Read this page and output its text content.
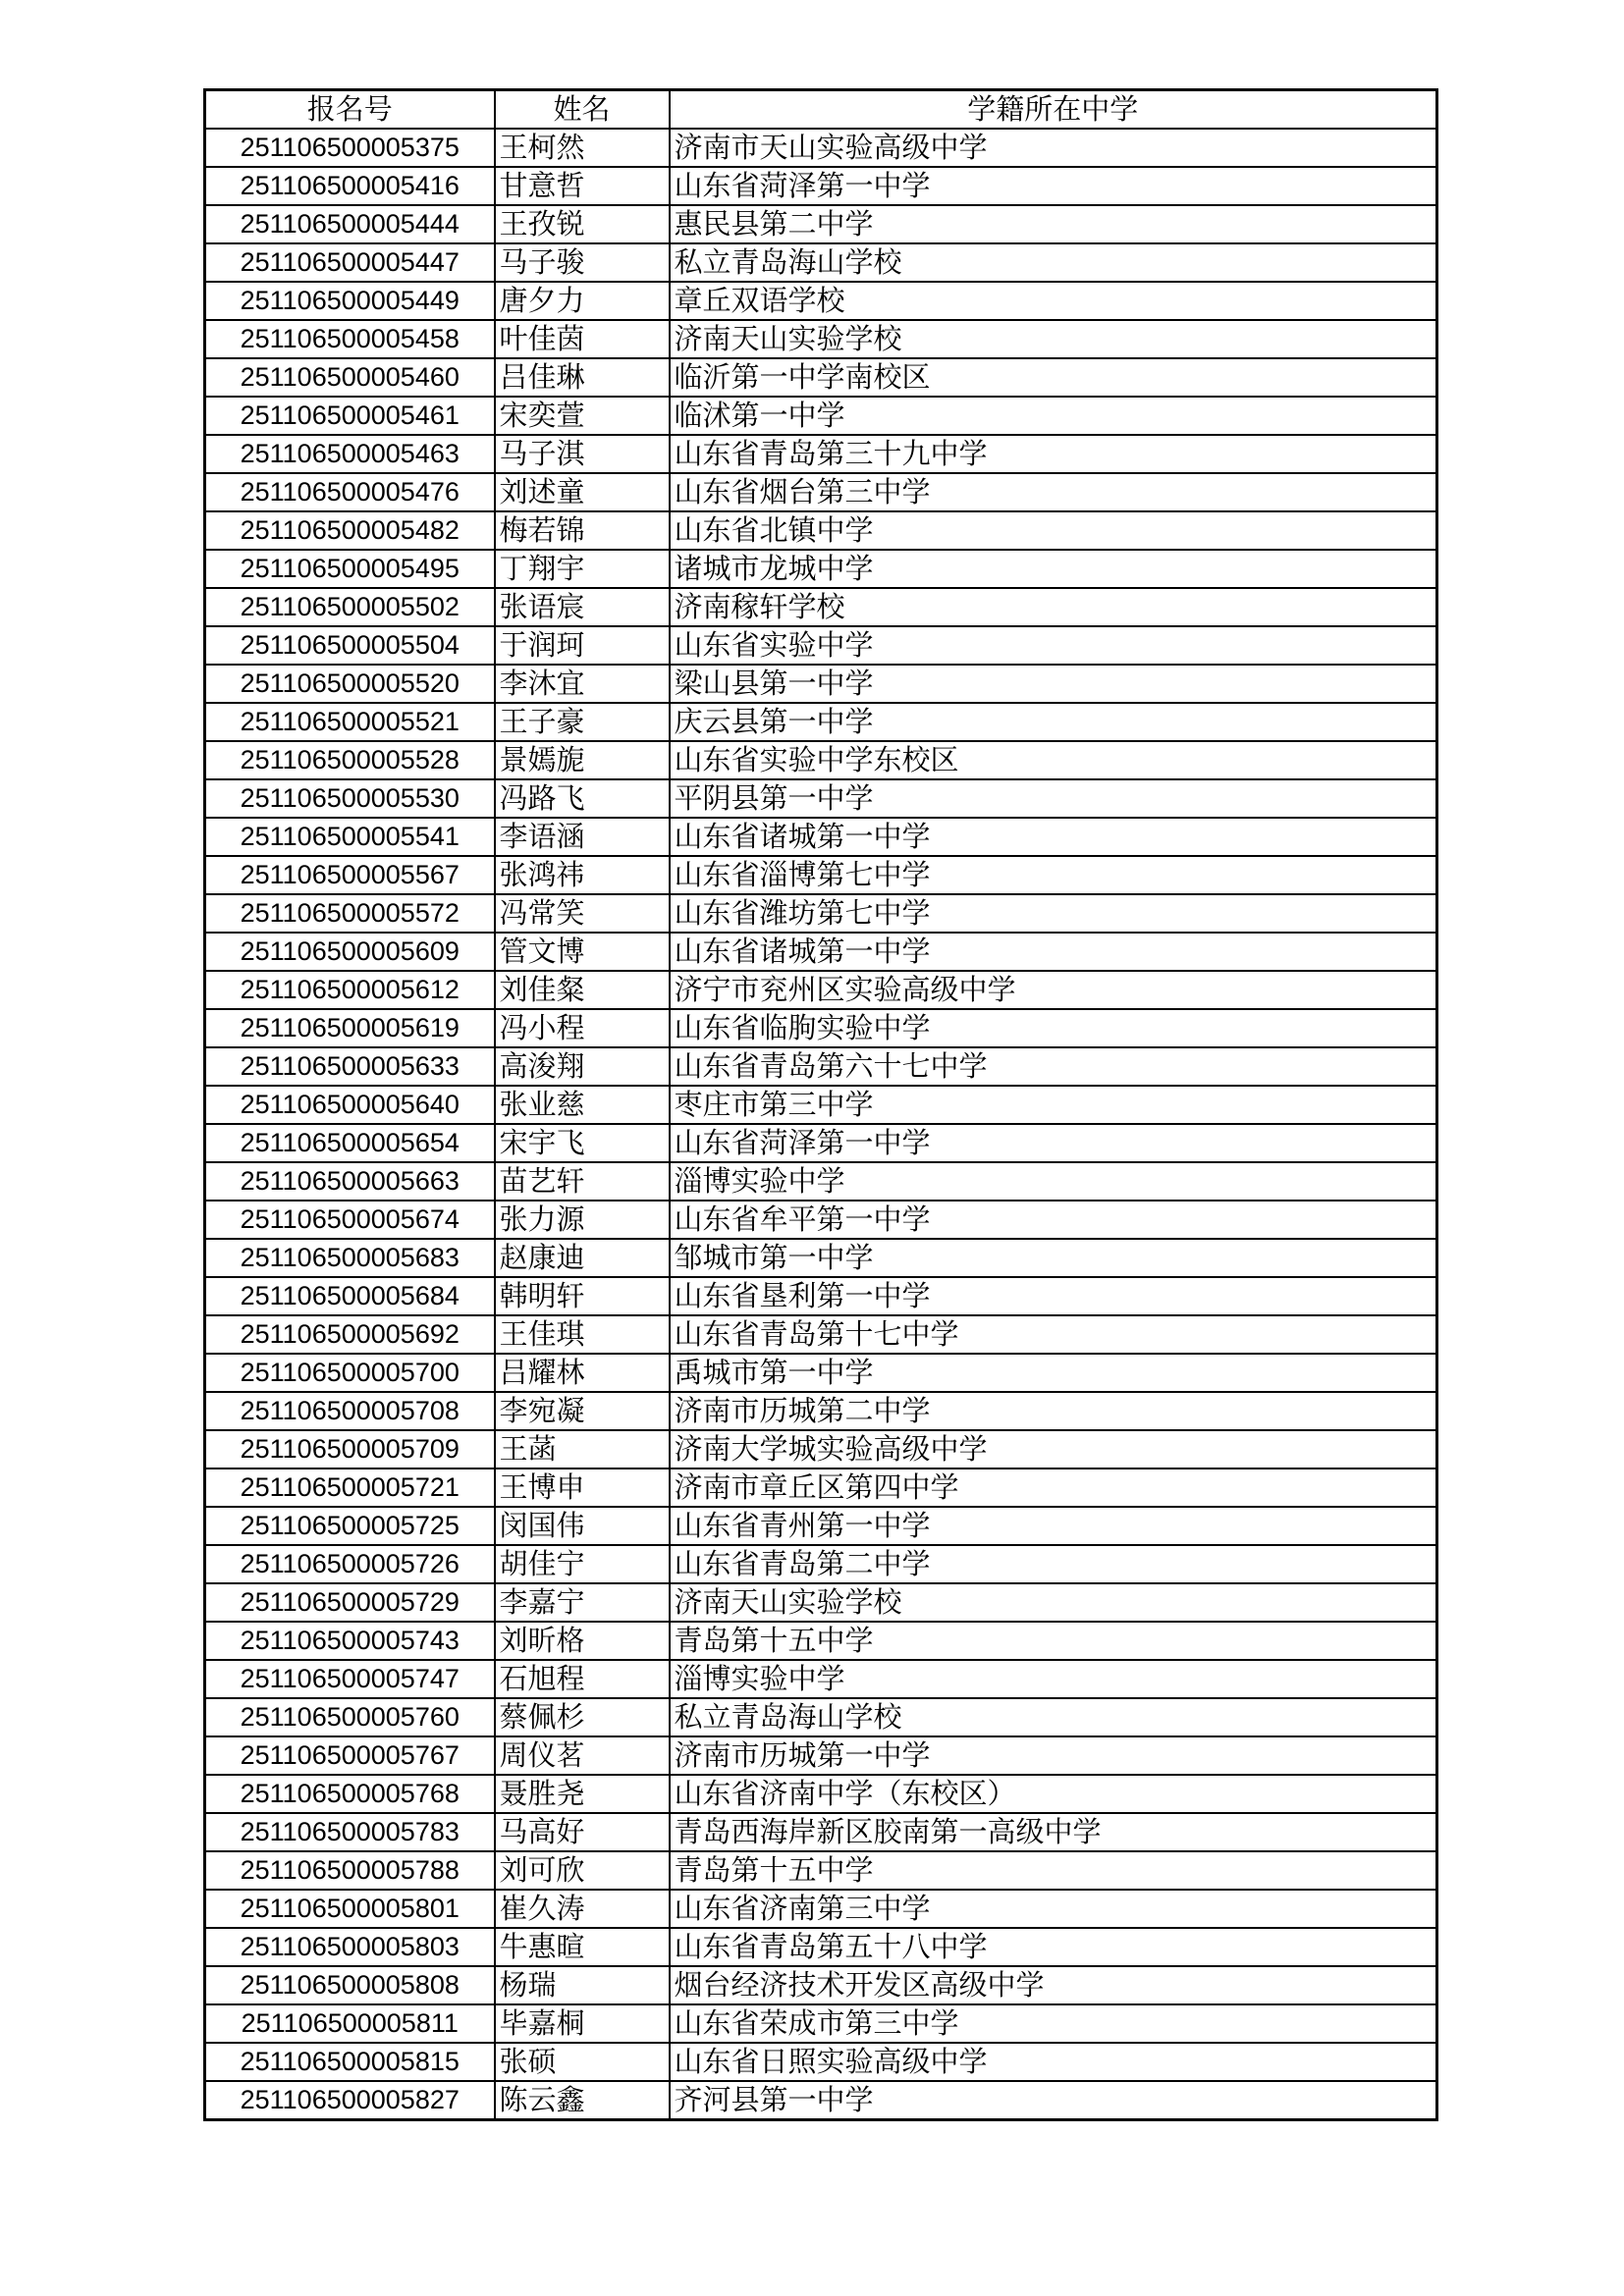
报名号	姓名	学籍所在中学
251106500005375	王柯然	济南市天山实验高级中学
251106500005416	甘意哲	山东省菏泽第一中学
251106500005444	王孜锐	惠民县第二中学
251106500005447	马子骏	私立青岛海山学校
251106500005449	唐夕力	章丘双语学校
251106500005458	叶佳茵	济南天山实验学校
251106500005460	吕佳琳	临沂第一中学南校区
251106500005461	宋奕萱	临沭第一中学
251106500005463	马子淇	山东省青岛第三十九中学
251106500005476	刘述童	山东省烟台第三中学
251106500005482	梅若锦	山东省北镇中学
251106500005495	丁翔宇	诸城市龙城中学
251106500005502	张语宸	济南稼轩学校
251106500005504	于润珂	山东省实验中学
251106500005520	李沐宜	梁山县第一中学
251106500005521	王子豪	庆云县第一中学
251106500005528	景嫣旎	山东省实验中学东校区
251106500005530	冯路飞	平阴县第一中学
251106500005541	李语涵	山东省诸城第一中学
251106500005567	张鸿祎	山东省淄博第七中学
251106500005572	冯常笑	山东省潍坊第七中学
251106500005609	管文博	山东省诸城第一中学
251106500005612	刘佳粲	济宁市兖州区实验高级中学
251106500005619	冯小程	山东省临朐实验中学
251106500005633	高浚翔	山东省青岛第六十七中学
251106500005640	张业慈	枣庄市第三中学
251106500005654	宋宇飞	山东省菏泽第一中学
251106500005663	苗艺轩	淄博实验中学
251106500005674	张力源	山东省牟平第一中学
251106500005683	赵康迪	邹城市第一中学
251106500005684	韩明轩	山东省垦利第一中学
251106500005692	王佳琪	山东省青岛第十七中学
251106500005700	吕耀林	禹城市第一中学
251106500005708	李宛凝	济南市历城第二中学
251106500005709	王菡	济南大学城实验高级中学
251106500005721	王博申	济南市章丘区第四中学
251106500005725	闵国伟	山东省青州第一中学
251106500005726	胡佳宁	山东省青岛第二中学
251106500005729	李嘉宁	济南天山实验学校
251106500005743	刘昕格	青岛第十五中学
251106500005747	石旭程	淄博实验中学
251106500005760	蔡佩杉	私立青岛海山学校
251106500005767	周仪茗	济南市历城第一中学
251106500005768	聂胜尧	山东省济南中学（东校区）
251106500005783	马高好	青岛西海岸新区胶南第一高级中学
251106500005788	刘可欣	青岛第十五中学
251106500005801	崔久涛	山东省济南第三中学
251106500005803	牛惠暄	山东省青岛第五十八中学
251106500005808	杨瑞	烟台经济技术开发区高级中学
251106500005811	毕嘉桐	山东省荣成市第三中学
251106500005815	张硕	山东省日照实验高级中学
251106500005827	陈云鑫	齐河县第一中学
